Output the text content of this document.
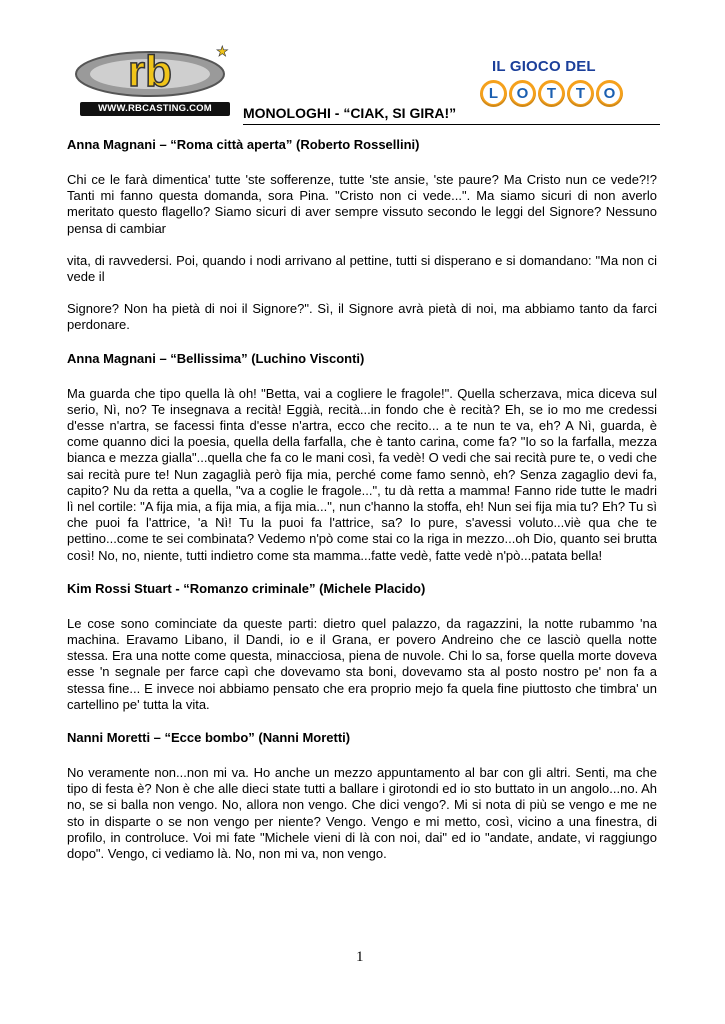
rb	★
WWW.RBCASTING.COM	MONOLOGHI - “CIAK, SI GIRA!”
IL GIOCO DEL
L	O	T	T	O
Anna Magnani – “Roma città aperta” (Roberto Rossellini)

Chi ce le farà dimentica' tutte 'ste sofferenze, tutte 'ste ansie, 'ste paure? Ma Cristo nun ce vede?!? Tanti mi fanno questa domanda, sora Pina. "Cristo non ci vede...". Ma siamo sicuri di non averlo meritato questo flagello? Siamo sicuri di aver sempre vissuto secondo le leggi del Signore? Nessuno pensa di cambiar

vita, di ravvedersi. Poi, quando i nodi arrivano al pettine, tutti si disperano e si domandano: "Ma non ci vede il

Signore? Non ha pietà di noi il Signore?". Sì, il Signore avrà pietà di noi, ma abbiamo tanto da farci perdonare.

Anna Magnani – “Bellissima” (Luchino Visconti)

Ma guarda che tipo quella là oh! "Betta, vai a cogliere le fragole!". Quella scherzava, mica diceva sul serio, Nì, no? Te insegnava a recità! Eggià, recità...in fondo che è recità? Eh, se io mo me credessi d'esse n'artra, se facessi finta d'esse n'artra, ecco che recito... a te nun te va, eh? A Nì, guarda, è come quanno dici la poesia, quella della farfalla, che è tanto carina, come fa? "Io so la farfalla, mezza bianca e mezza gialla"...quella che fa co le mani così, fa vedè! O vedi che sai recità pure te, o vedi che sai recità pure te! Nun zagaglià però fija mia, perché come famo sennò, eh? Senza zagaglio devi fa, capito? Nu da retta a quella, "va a coglie le fragole...", tu dà retta a mamma! Fanno ride tutte le madri lì nel cortile: "A fija mia, a fija mia, a fija mia...", nun c'hanno la stoffa, eh! Nun sei fija mia tu? Eh? Tu sì che puoi fa l'attrice, 'a Nì! Tu la puoi fa l'attrice, sa? Io pure, s'avessi voluto...viè qua che te pettino...come te sei combinata? Vedemo n'pò come stai co la riga in mezzo...oh Dio, quanto sei brutta così! No, no, niente, tutti indietro come sta mamma...fatte vedè, fatte vedè n'pò...patata bella!

Kim Rossi Stuart - “Romanzo criminale” (Michele Placido)

Le cose sono cominciate da queste parti: dietro quel palazzo, da ragazzini, la notte rubammo 'na machina. Eravamo Libano, il Dandi, io e il Grana, er povero Andreino che ce lasciò quella notte stessa. Era una notte come questa, minacciosa, piena de nuvole. Chi lo sa, forse quella morte doveva esse 'n segnale per farce capì che dovevamo sta boni, dovevamo sta al posto nostro pe' non fa a stessa fine... E invece noi abbiamo pensato che era proprio mejo fa quela fine piuttosto che timbra' un cartellino pe' tutta la vita.

Nanni Moretti – “Ecce bombo” (Nanni Moretti)

No veramente non...non mi va. Ho anche un mezzo appuntamento al bar con gli altri. Senti, ma che tipo di festa è? Non è che alle dieci state tutti a ballare i girotondi ed io sto buttato in un angolo...no. Ah no, se si balla non vengo. No, allora non vengo. Che dici vengo?. Mi si nota di più se vengo e me ne sto in disparte o se non vengo per niente? Vengo. Vengo e mi metto, così, vicino a una finestra, di profilo, in controluce. Voi mi fate "Michele vieni di là con noi, dai" ed io "andate, andate, vi raggiungo dopo". Vengo, ci vediamo là. No, non mi va, non vengo.

1
